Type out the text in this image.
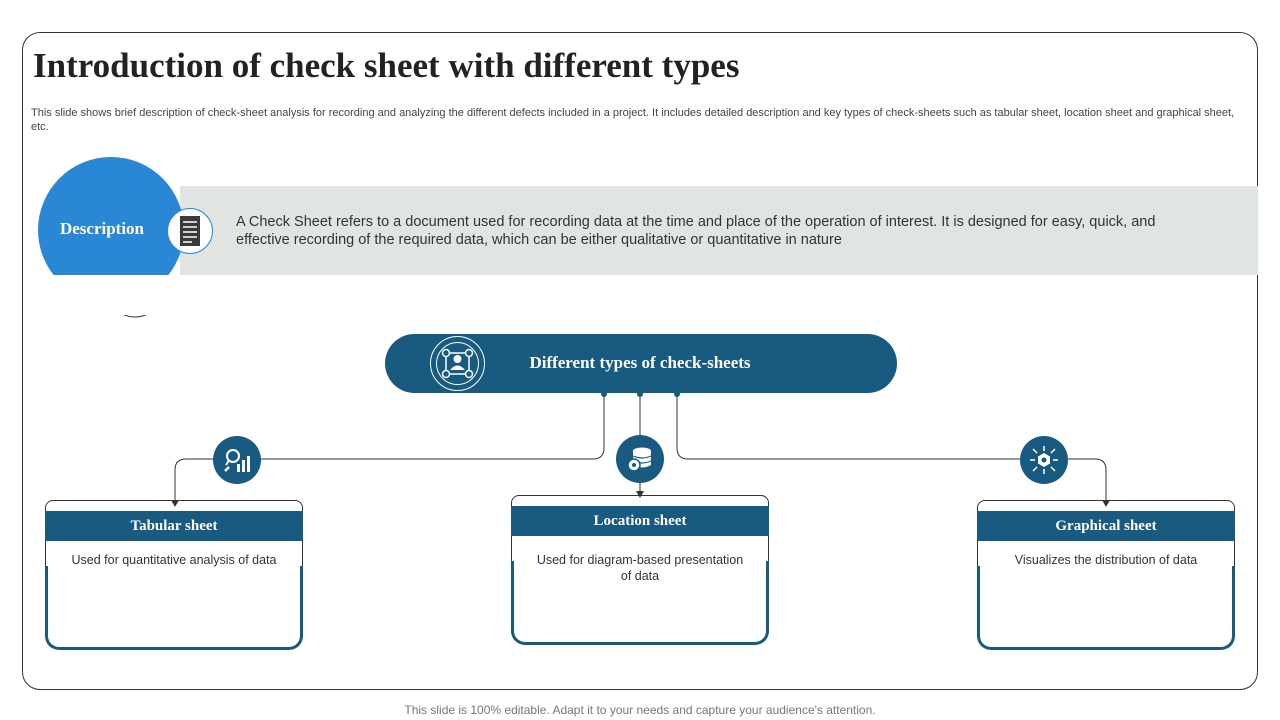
Introduction of check sheet with different types
This slide shows brief description of check-sheet analysis for recording and analyzing the different defects included in a project. It includes detailed description and key types of check-sheets such as tabular sheet, location sheet and graphical sheet, etc.
Description	A Check Sheet refers to a document used for recording data at the time and place of the operation of interest. It is designed for easy, quick, and effective recording of the required data, which can be either qualitative or quantitative in nature
Different types of check-sheets
Tabular sheet
Used for quantitative analysis of data
Location sheet
Used for diagram-based presentation of data
Graphical sheet
Visualizes the distribution of data
This slide is 100% editable. Adapt it to your needs and capture your audience's attention.
